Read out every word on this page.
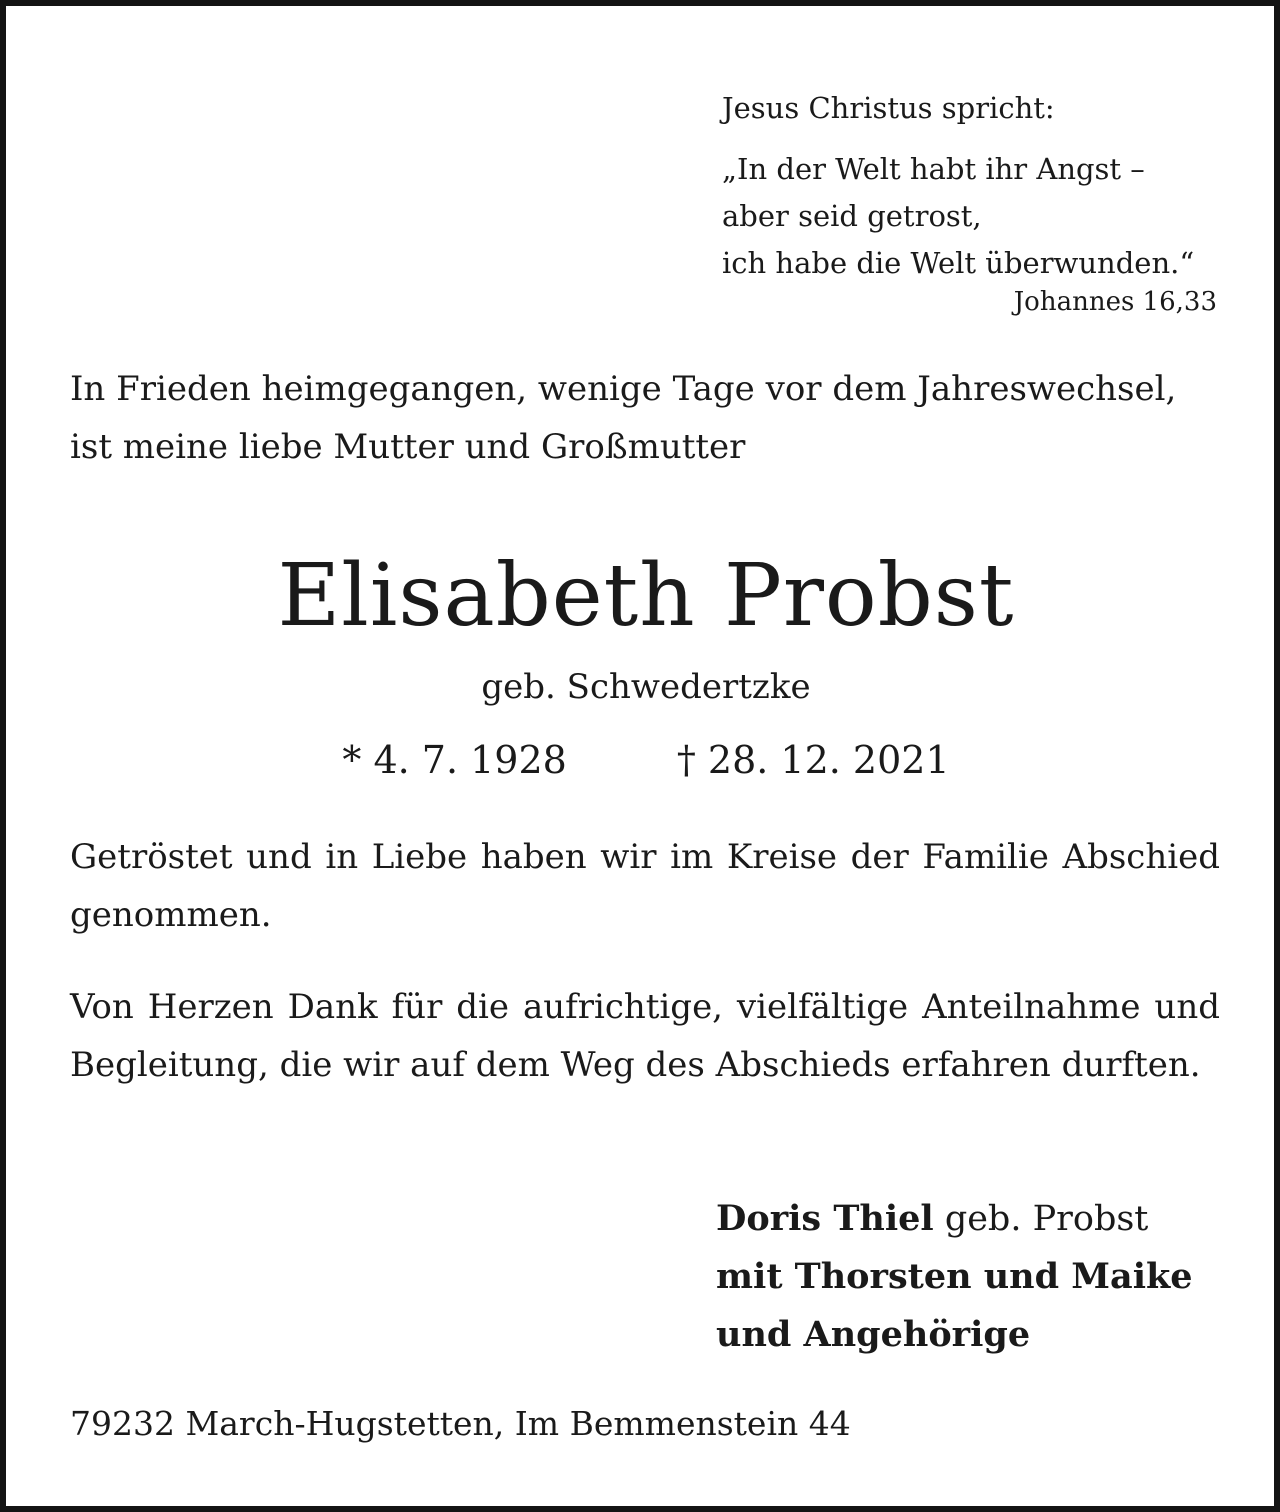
Jesus Christus spricht:
„In der Welt habt ihr Angst –
aber seid getrost,
ich habe die Welt überwunden.“
Johannes 16,33
In Frieden heimgegangen, wenige Tage vor dem Jahreswechsel,
ist meine liebe Mutter und Großmutter
Elisabeth Probst
geb. Schwedertzke
* 4. 7. 1928	† 28. 12. 2021
Getröstet und in Liebe haben wir im Kreise der Familie Abschied genommen.
Von Herzen Dank für die aufrichtige, vielfältige Anteilnahme und Begleitung, die wir auf dem Weg des Abschieds erfahren durften.
Doris Thiel geb. Probst
mit Thorsten und Maike
und Angehörige
79232 March-Hugstetten, Im Bemmenstein 44
